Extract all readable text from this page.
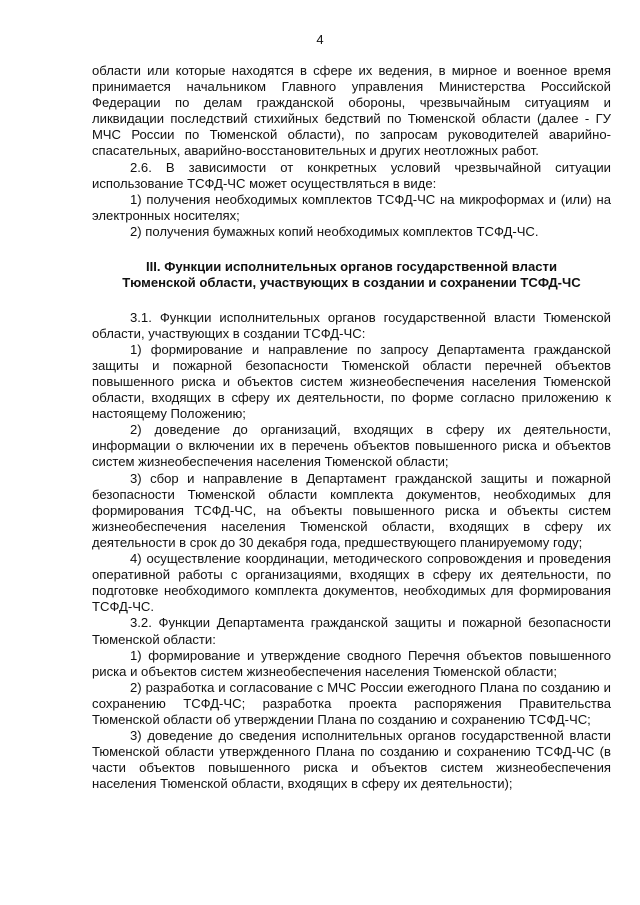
4

области или которые находятся в сфере их ведения, в мирное и военное время принимается начальником Главного управления Министерства Российской Федерации по делам гражданской обороны, чрезвычайным ситуациям и ликвидации последствий стихийных бедствий по Тюменской области (далее - ГУ МЧС России по Тюменской области), по запросам руководителей аварийно-спасательных, аварийно-восстановительных и других неотложных работ.

2.6. В зависимости от конкретных условий чрезвычайной ситуации использование ТСФД-ЧС может осуществляться в виде:

1) получения необходимых комплектов ТСФД-ЧС на микроформах и (или) на электронных носителях;

2) получения бумажных копий необходимых комплектов ТСФД-ЧС.

III. Функции исполнительных органов государственной власти
Тюменской области, участвующих в создании и сохранении ТСФД-ЧС

3.1. Функции исполнительных органов государственной власти Тюменской области, участвующих в создании ТСФД-ЧС:

1) формирование и направление по запросу Департамента гражданской защиты и пожарной безопасности Тюменской области перечней объектов повышенного риска и объектов систем жизнеобеспечения населения Тюменской области, входящих в сферу их деятельности, по форме согласно приложению к настоящему Положению;

2) доведение до организаций, входящих в сферу их деятельности, информации о включении их в перечень объектов повышенного риска и объектов систем жизнеобеспечения населения Тюменской области;

3) сбор и направление в Департамент гражданской защиты и пожарной безопасности Тюменской области комплекта документов, необходимых для формирования ТСФД-ЧС, на объекты повышенного риска и объекты систем жизнеобеспечения населения Тюменской области, входящих в сферу их деятельности в срок до 30 декабря года, предшествующего планируемому году;

4) осуществление координации, методического сопровождения и проведения оперативной работы с организациями, входящих в сферу их деятельности, по подготовке необходимого комплекта документов, необходимых для формирования ТСФД-ЧС.

3.2. Функции Департамента гражданской защиты и пожарной безопасности Тюменской области:

1) формирование и утверждение сводного Перечня объектов повышенного риска и объектов систем жизнеобеспечения населения Тюменской области;

2) разработка и согласование с МЧС России ежегодного Плана по созданию и сохранению ТСФД-ЧС; разработка проекта распоряжения Правительства Тюменской области об утверждении Плана по созданию и сохранению ТСФД-ЧС;

3) доведение до сведения исполнительных органов государственной власти Тюменской области утвержденного Плана по созданию и сохранению ТСФД-ЧС (в части объектов повышенного риска и объектов систем жизнеобеспечения населения Тюменской области, входящих в сферу их деятельности);
